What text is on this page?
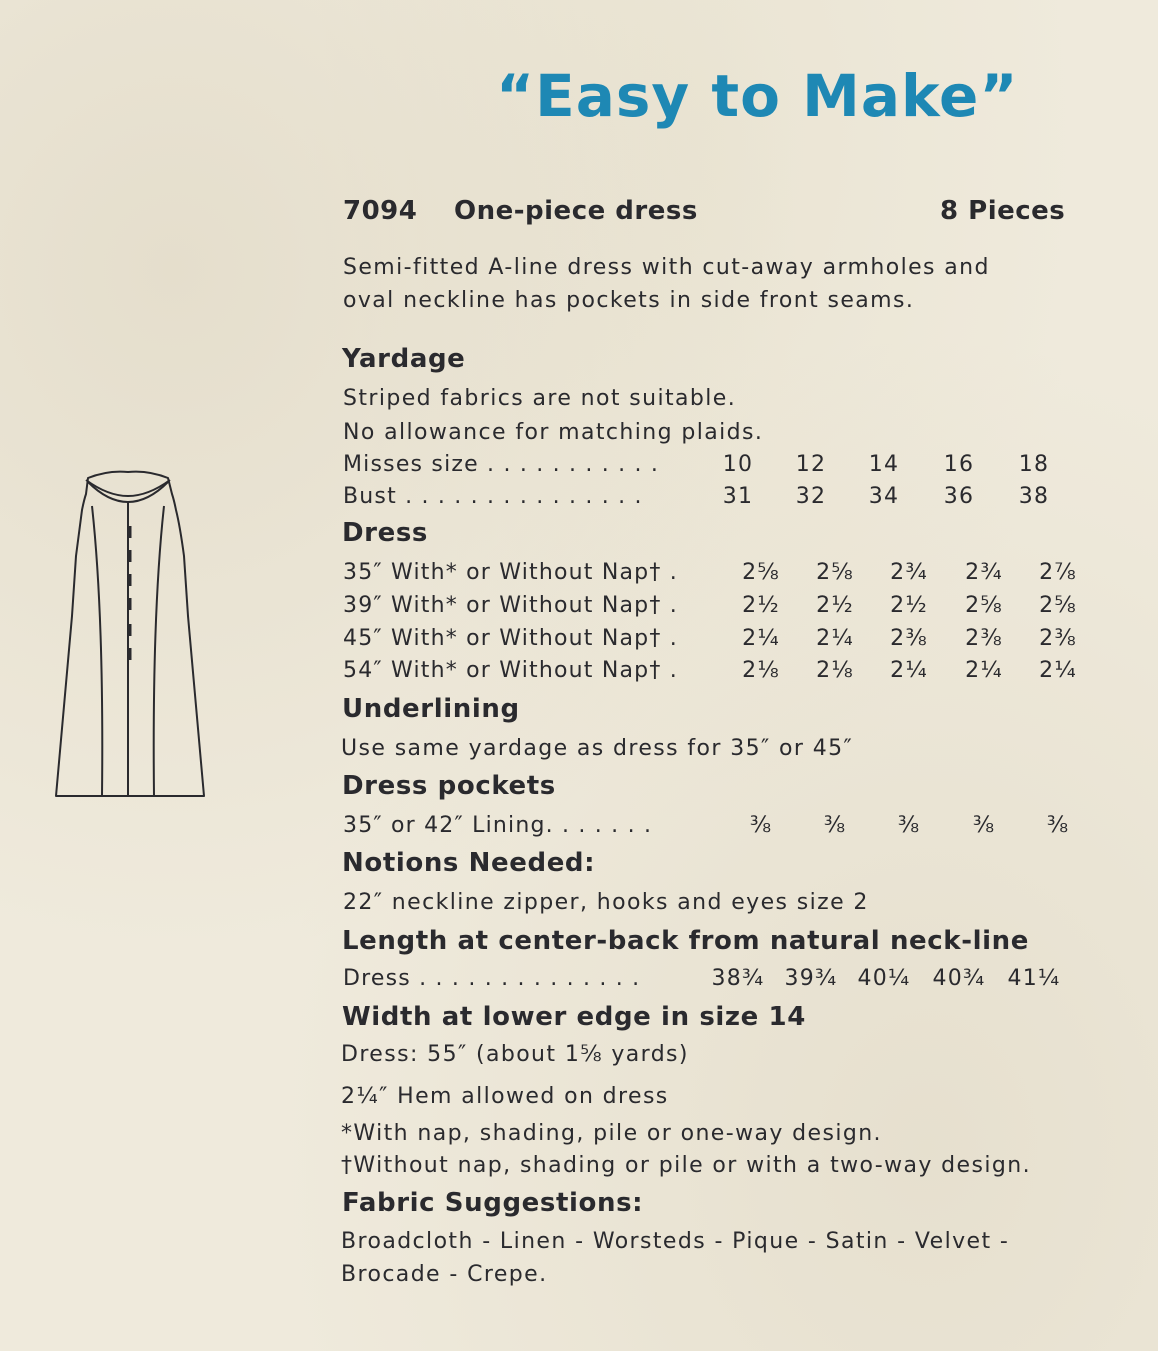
“Easy to Make”
7094 One-piece dress	8 Pieces
Semi-fitted A-line dress with cut-away armholes and
oval neckline has pockets in side front seams.
Yardage
Striped fabrics are not suitable.
No allowance for matching plaids.
Misses size . . . . . . . . . . .	10	12	14	16	18
Bust . . . . . . . . . . . . . . .	31	32	34	36	38
Dress
35″ With* or Without Nap† .	2⅝	2⅝	2¾	2¾	2⅞
39″ With* or Without Nap† .	2½	2½	2½	2⅝	2⅝
45″ With* or Without Nap† .	2¼	2¼	2⅜	2⅜	2⅜
54″ With* or Without Nap† .	2⅛	2⅛	2¼	2¼	2¼
Underlining
Use same yardage as dress for 35″ or 45″
Dress pockets
35″ or 42″ Lining. . . . . . .	⅜	⅜	⅜	⅜	⅜
Notions Needed:
22″ neckline zipper, hooks and eyes size 2
Length at center-back from natural neck-line
Dress . . . . . . . . . . . . . .	38¾ 39¾ 40¼ 40¾ 41¼
Width at lower edge in size 14
Dress: 55″ (about 1⅝ yards)
2¼″ Hem allowed on dress
*With nap, shading, pile or one-way design.
†Without nap, shading or pile or with a two-way design.
Fabric Suggestions:
Broadcloth - Linen - Worsteds - Pique - Satin - Velvet -
Brocade - Crepe.
